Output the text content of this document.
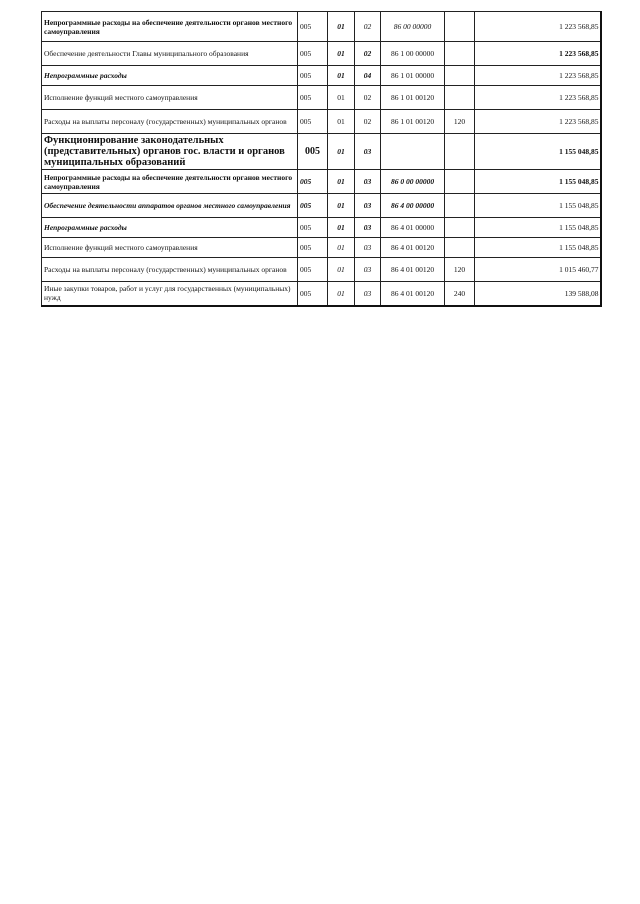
Непрограммные расходы на обеспечение деятельности органов местного самоуправления	005	01	02	86 00 00000		1 223 568,85
Обеспечение деятельности Главы муниципального образования	005	01	02	86 1 00 00000		1 223 568,85
Непрограммные расходы	005	01	04	86 1 01 00000		1 223 568,85
Исполнение функций местного самоуправления	005	01	02	86 1 01 00120		1 223 568,85
Расходы на выплаты персоналу (государственных) муниципальных органов	005	01	02	86 1 01 00120	120	1 223 568,85
Функционирование законодательных (представительных) органов гос. власти и органов муниципальных образований	005	01	03			1 155 048,85
Непрограммные расходы на обеспечение деятельности органов местного самоуправления	005	01	03	86 0 00 00000		1 155 048,85
Обеспечение деятельности аппаратов органов местного самоуправления	005	01	03	86 4 00 00000		1 155 048,85
Непрограммные расходы	005	01	03	86 4 01 00000		1 155 048,85
Исполнение функций местного самоуправления	005	01	03	86 4 01 00120		1 155 048,85
Расходы на выплаты персоналу (государственных) муниципальных органов	005	01	03	86 4 01 00120	120	1 015 460,77
Иные закупки товаров, работ и услуг для государственных (муниципальных) нужд	005	01	03	86 4 01 00120	240	139 588,08
